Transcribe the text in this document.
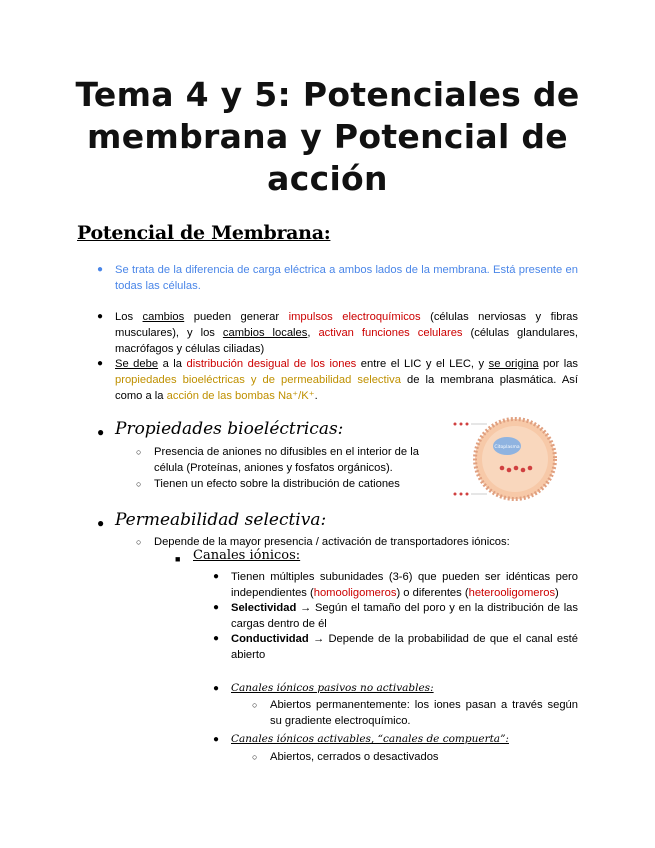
Tema 4 y 5: Potenciales de membrana y Potencial de acción
Potencial de Membrana:
● Se trata de la diferencia de carga eléctrica a ambos lados de la membrana. Está presente en todas las células.
● Los cambios pueden generar impulsos electroquímicos (células nerviosas y fibras musculares), y los cambios locales, activan funciones celulares (células glandulares, macrófagos y células ciliadas)
● Se debe a la distribución desigual de los iones entre el LIC y el LEC, y se origina por las propiedades bioeléctricas y de permeabilidad selectiva de la membrana plasmática. Así como a la acción de las bombas Na⁺/K⁺.
● Propiedades bioeléctricas:
○ Presencia de aniones no difusibles en el interior de la célula (Proteínas, aniones y fosfatos orgánicos).
○ Tienen un efecto sobre la distribución de cationes
Citoplasma
● Permeabilidad selectiva:
○ Depende de la mayor presencia / activación de transportadores iónicos:
■ Canales iónicos:
● Tienen múltiples subunidades (3-6) que pueden ser idénticas pero independientes (homooligomeros) o diferentes (heterooligomeros)
● Selectividad → Según el tamaño del poro y en la distribución de las cargas dentro de él
● Conductividad → Depende de la probabilidad de que el canal esté abierto
● Canales iónicos pasivos no activables:
○ Abiertos permanentemente: los iones pasan a través según su gradiente electroquímico.
● Canales iónicos activables, “canales de compuerta”:
○ Abiertos, cerrados o desactivados
